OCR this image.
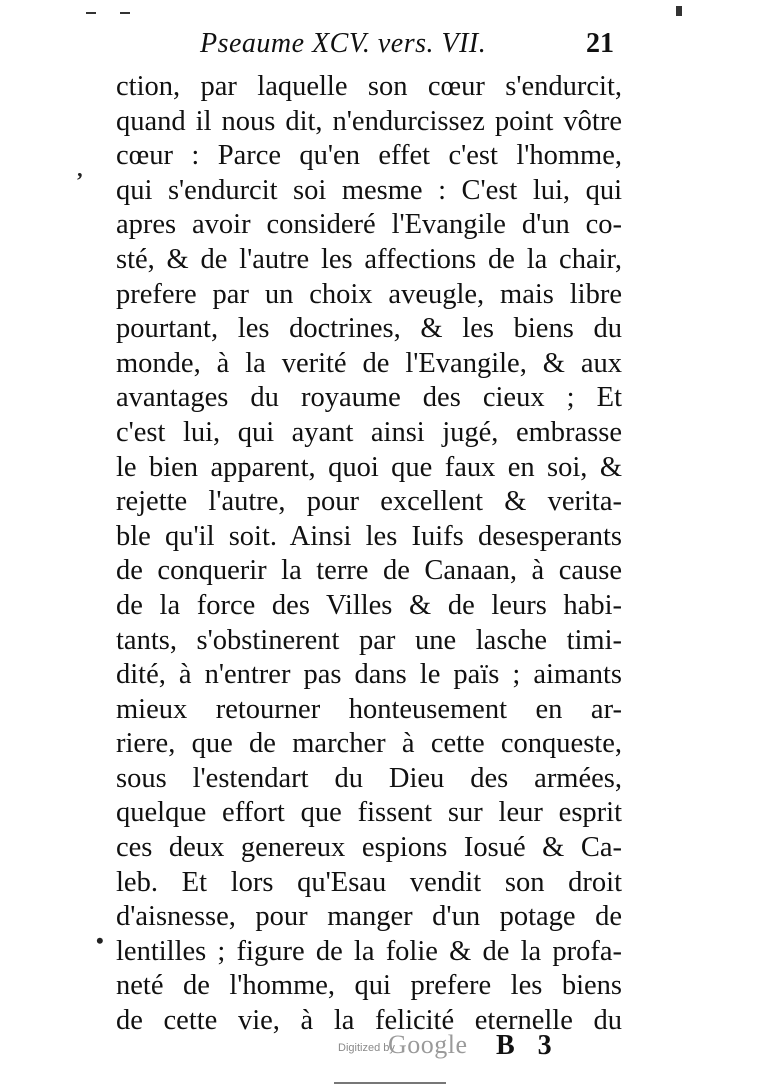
Pseaume XCV. vers. VII.	21
ction, par laquelle son cœur s'endurcit,
quand il nous dit, n'endurcissez point vôtre
cœur : Parce qu'en effet c'est l'homme,
qui s'endurcit soi mesme : C'est lui, qui
apres avoir consideré l'Evangile d'un co-
sté, & de l'autre les affections de la chair,
prefere par un choix aveugle, mais libre
pourtant, les doctrines, & les biens du
monde, à la verité de l'Evangile, & aux
avantages du royaume des cieux ; Et
c'est lui, qui ayant ainsi jugé, embrasse
le bien apparent, quoi que faux en soi, &
rejette l'autre, pour excellent & verita-
ble qu'il soit. Ainsi les Iuifs desesperants
de conquerir la terre de Canaan, à cause
de la force des Villes & de leurs habi-
tants, s'obstinerent par une lasche timi-
dité, à n'entrer pas dans le païs ; aimants
mieux retourner honteusement en ar-
riere, que de marcher à cette conqueste,
sous l'estendart du Dieu des armées,
quelque effort que fissent sur leur esprit
ces deux genereux espions Iosué & Ca-
leb. Et lors qu'Esau vendit son droit
d'aisnesse, pour manger d'un potage de
lentilles ; figure de la folie & de la profa-
neté de l'homme, qui prefere les biens
de cette vie, à la felicité eternelle du
ʼ
•
Digitized by
Google B 3
